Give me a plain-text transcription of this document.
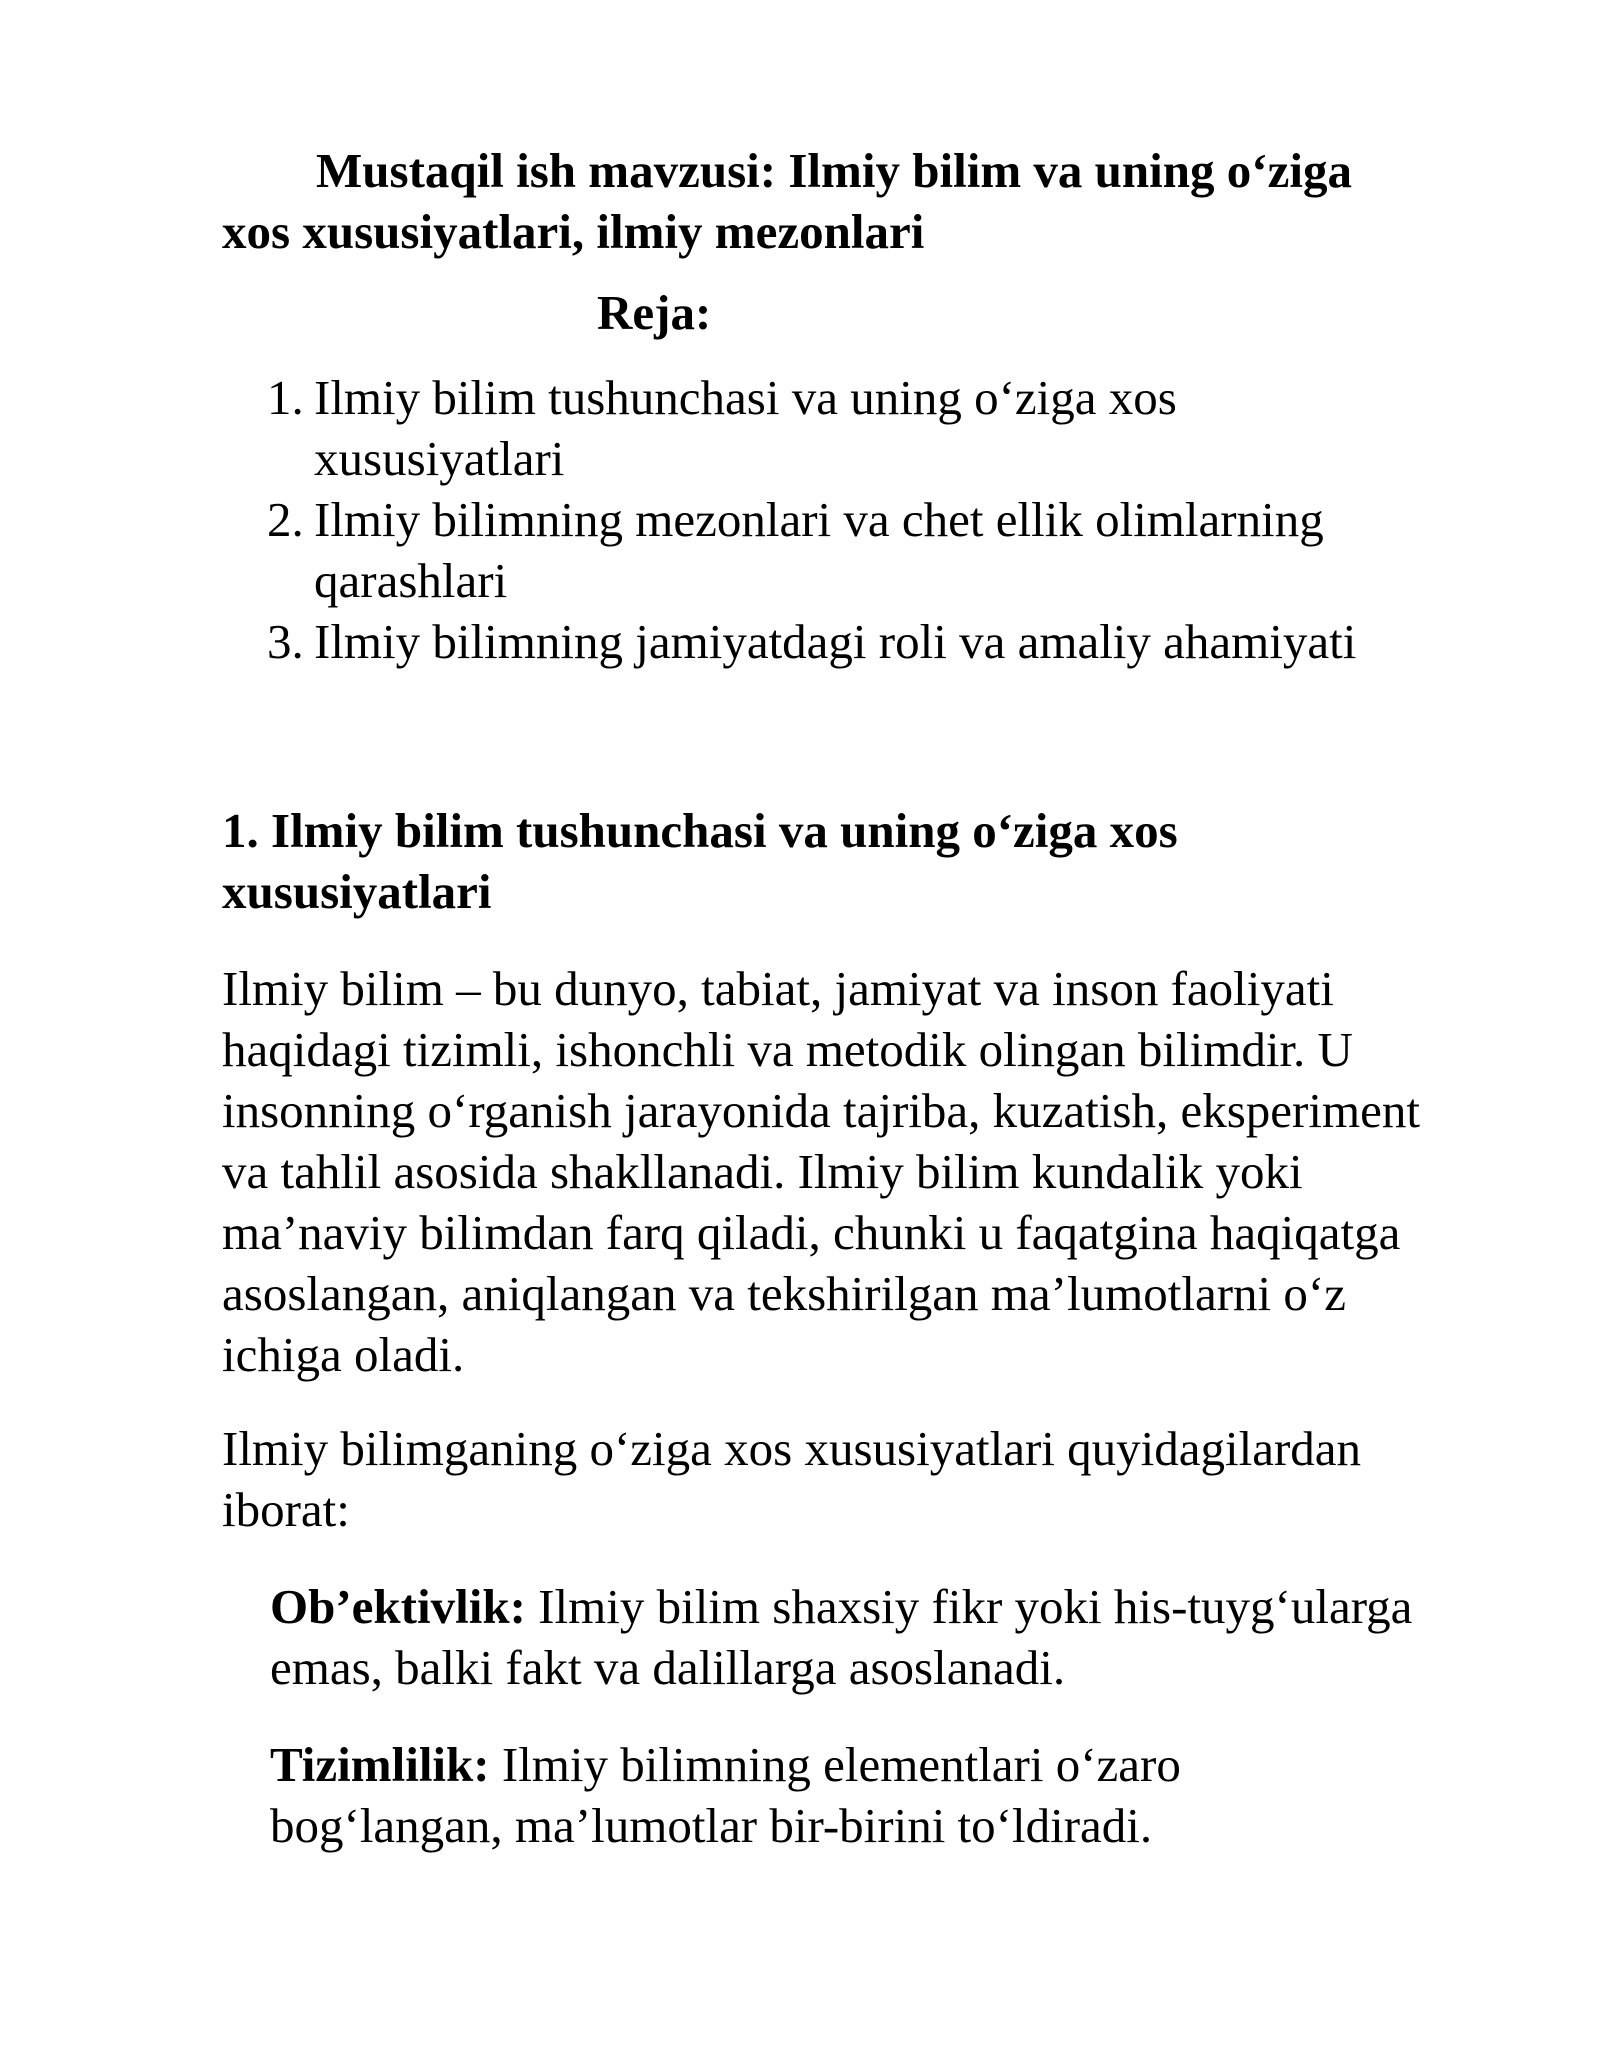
Mustaqil ish mavzusi: Ilmiy bilim va uning o‘ziga xos xususiyatlari, ilmiy mezonlari
Reja:
1. Ilmiy bilim tushunchasi va uning o‘ziga xos xususiyatlari
2. Ilmiy bilimning mezonlari va chet ellik olimlarning qarashlari
3. Ilmiy bilimning jamiyatdagi roli va amaliy ahamiyati
1. Ilmiy bilim tushunchasi va uning o‘ziga xos xususiyatlari

Ilmiy bilim – bu dunyo, tabiat, jamiyat va inson faoliyati haqidagi tizimli, ishonchli va metodik olingan bilimdir. U insonning o‘rganish jarayonida tajriba, kuzatish, eksperiment va tahlil asosida shakllanadi. Ilmiy bilim kundalik yoki ma’naviy bilimdan farq qiladi, chunki u faqatgina haqiqatga asoslangan, aniqlangan va tekshirilgan ma’lumotlarni o‘z ichiga oladi.

Ilmiy bilimganing o‘ziga xos xususiyatlari quyidagilardan iborat:

Ob’ektivlik: Ilmiy bilim shaxsiy fikr yoki his-tuyg‘ularga emas, balki fakt va dalillarga asoslanadi.

Tizimlilik: Ilmiy bilimning elementlari o‘zaro bog‘langan, ma’lumotlar bir-birini to‘ldiradi.
